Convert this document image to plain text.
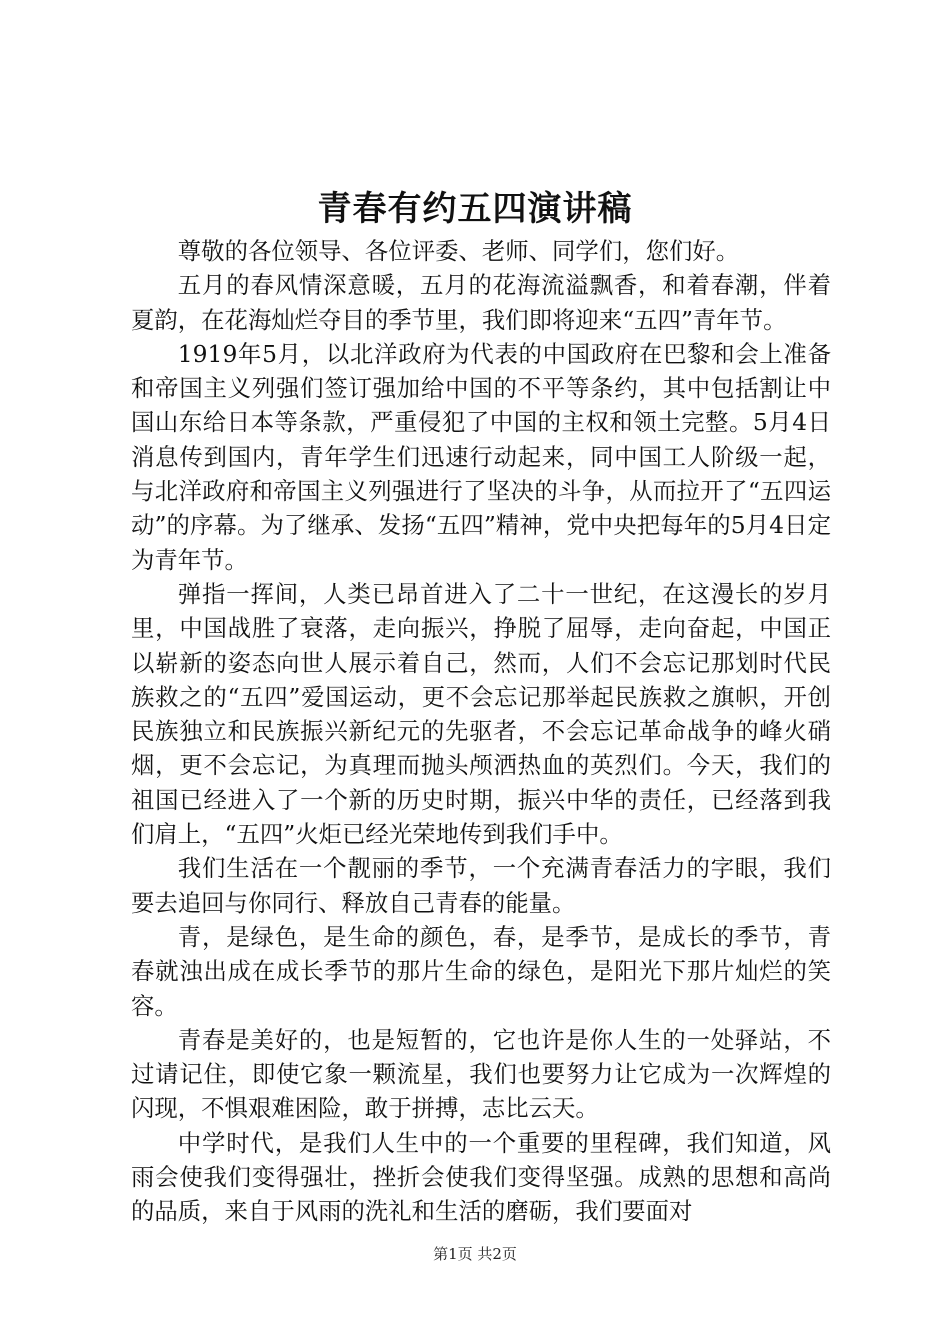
青春有约五四演讲稿

尊敬的各位领导、各位评委、老师、同学们，您们好。

五月的春风情深意暖，五月的花海流溢飘香，和着春潮，伴着夏韵，在花海灿烂夺目的季节里，我们即将迎来“五四”青年节。

1919年5月，以北洋政府为代表的中国政府在巴黎和会上准备和帝国主义列强们签订强加给中国的不平等条约，其中包括割让中国山东给日本等条款，严重侵犯了中国的主权和领土完整。5月4日消息传到国内，青年学生们迅速行动起来，同中国工人阶级一起，与北洋政府和帝国主义列强进行了坚决的斗争，从而拉开了“五四运动”的序幕。为了继承、发扬“五四”精神，党中央把每年的5月4日定为青年节。

弹指一挥间，人类已昂首进入了二十一世纪，在这漫长的岁月里，中国战胜了衰落，走向振兴，挣脱了屈辱，走向奋起，中国正以崭新的姿态向世人展示着自己，然而，人们不会忘记那划时代民族救之的“五四”爱国运动，更不会忘记那举起民族救之旗帜，开创民族独立和民族振兴新纪元的先驱者，不会忘记革命战争的峰火硝烟，更不会忘记，为真理而抛头颅洒热血的英烈们。今天，我们的祖国已经进入了一个新的历史时期，振兴中华的责任，已经落到我们肩上，“五四”火炬已经光荣地传到我们手中。

我们生活在一个靓丽的季节，一个充满青春活力的字眼，我们要去追回与你同行、释放自己青春的能量。

青，是绿色，是生命的颜色，春，是季节，是成长的季节，青春就浊出成在成长季节的那片生命的绿色，是阳光下那片灿烂的笑容。

青春是美好的，也是短暂的，它也许是你人生的一处驿站，不过请记住，即使它象一颗流星，我们也要努力让它成为一次辉煌的闪现，不惧艰难困险，敢于拼搏，志比云天。

中学时代，是我们人生中的一个重要的里程碑，我们知道，风雨会使我们变得强壮，挫折会使我们变得坚强。成熟的思想和高尚的品质，来自于风雨的洗礼和生活的磨砺，我们要面对

第1页 共2页
